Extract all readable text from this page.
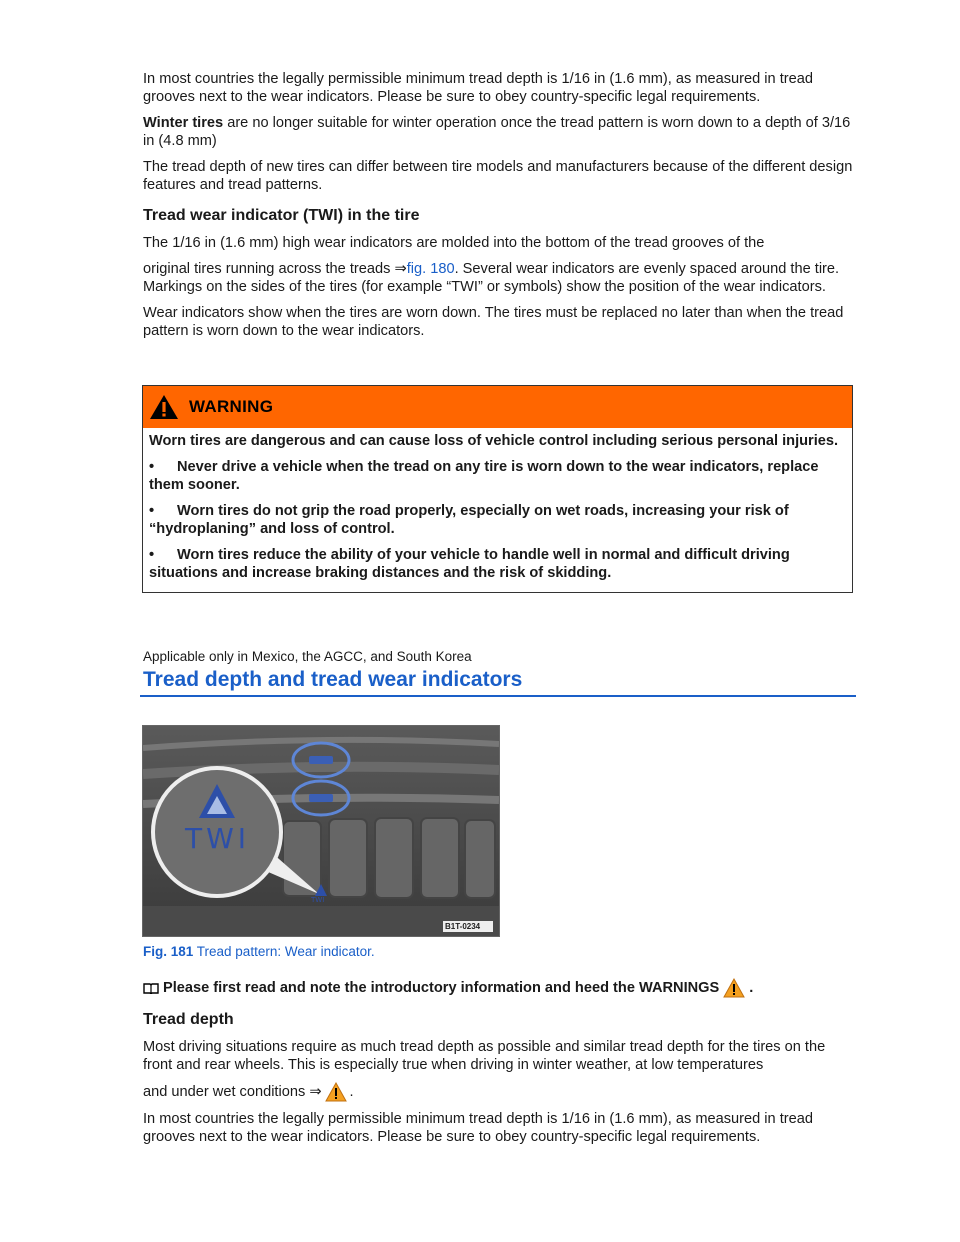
In most countries the legally permissible minimum tread depth is 1/16 in (1.6 mm), as measured in tread grooves next to the wear indicators. Please be sure to obey country-specific legal requirements.

Winter tires are no longer suitable for winter operation once the tread pattern is worn down to a depth of 3/16 in (4.8 mm)

The tread depth of new tires can differ between tire models and manufacturers because of the different design features and tread patterns.

Tread wear indicator (TWI) in the tire

The 1/16 in (1.6 mm) high wear indicators are molded into the bottom of the tread grooves of the

original tires running across the treads ⇒fig. 180. Several wear indicators are evenly spaced around the tire. Markings on the sides of the tires (for example “TWI” or symbols) show the position of the wear indicators.

Wear indicators show when the tires are worn down. The tires must be replaced no later than when the tread pattern is worn down to the wear indicators.

WARNING

Worn tires are dangerous and can cause loss of vehicle control including serious personal injuries.

• Never drive a vehicle when the tread on any tire is worn down to the wear indicators, replace them sooner.

• Worn tires do not grip the road properly, especially on wet roads, increasing your risk of “hydroplaning” and loss of control.

• Worn tires reduce the ability of your vehicle to handle well in normal and difficult driving situations and increase braking distances and the risk of skidding.

Applicable only in Mexico, the AGCC, and South Korea
Tread depth and tread wear indicators
TWI
TWI
B1T-0234
Fig. 181 Tread pattern: Wear indicator.
Please first read and note the introductory information and heed the WARNINGS .
Tread depth

Most driving situations require as much tread depth as possible and similar tread depth for the tires on the front and rear wheels. This is especially true when driving in winter weather, at low temperatures

and under wet conditions ⇒ .

In most countries the legally permissible minimum tread depth is 1/16 in (1.6 mm), as measured in tread grooves next to the wear indicators. Please be sure to obey country-specific legal requirements.
